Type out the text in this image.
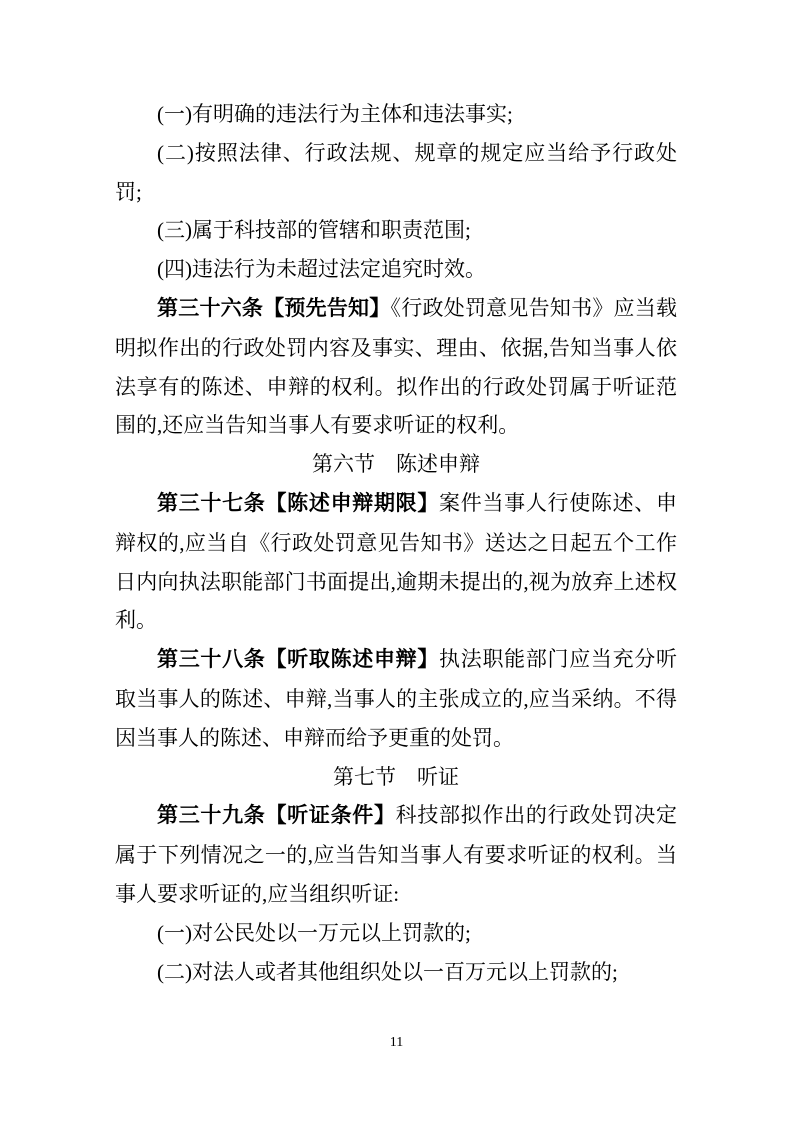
(一)有明确的违法行为主体和违法事实;

(二)按照法律、行政法规、规章的规定应当给予行政处罚;

(三)属于科技部的管辖和职责范围;

(四)违法行为未超过法定追究时效。

第三十六条【预先告知】《行政处罚意见告知书》应当载明拟作出的行政处罚内容及事实、理由、依据,告知当事人依法享有的陈述、申辩的权利。拟作出的行政处罚属于听证范围的,还应当告知当事人有要求听证的权利。

第六节　陈述申辩

第三十七条【陈述申辩期限】案件当事人行使陈述、申辩权的,应当自《行政处罚意见告知书》送达之日起五个工作日内向执法职能部门书面提出,逾期未提出的,视为放弃上述权利。

第三十八条【听取陈述申辩】执法职能部门应当充分听取当事人的陈述、申辩,当事人的主张成立的,应当采纳。不得因当事人的陈述、申辩而给予更重的处罚。

第七节　听证

第三十九条【听证条件】科技部拟作出的行政处罚决定属于下列情况之一的,应当告知当事人有要求听证的权利。当事人要求听证的,应当组织听证:

(一)对公民处以一万元以上罚款的;

(二)对法人或者其他组织处以一百万元以上罚款的;

11
